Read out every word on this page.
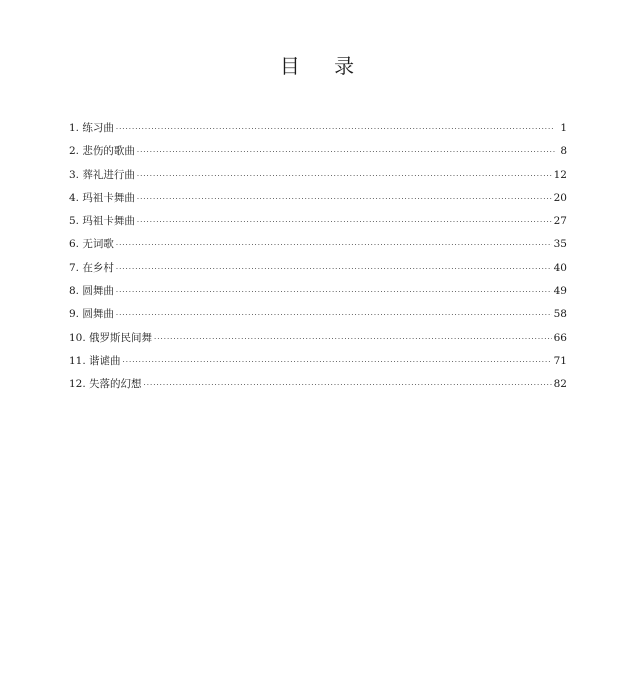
目 录
1. 练习曲 ·····	1
2. 悲伤的歌曲 ·····	8
3. 葬礼进行曲 ·····	12
4. 玛祖卡舞曲 ·····	20
5. 玛祖卡舞曲 ·····	27
6. 无词歌 ·····	35
7. 在乡村 ·····	40
8. 圆舞曲 ·····	49
9. 圆舞曲 ·····	58
10. 俄罗斯民间舞 ·····	66
11. 谐谑曲 ·····	71
12. 失落的幻想 ·····	82
